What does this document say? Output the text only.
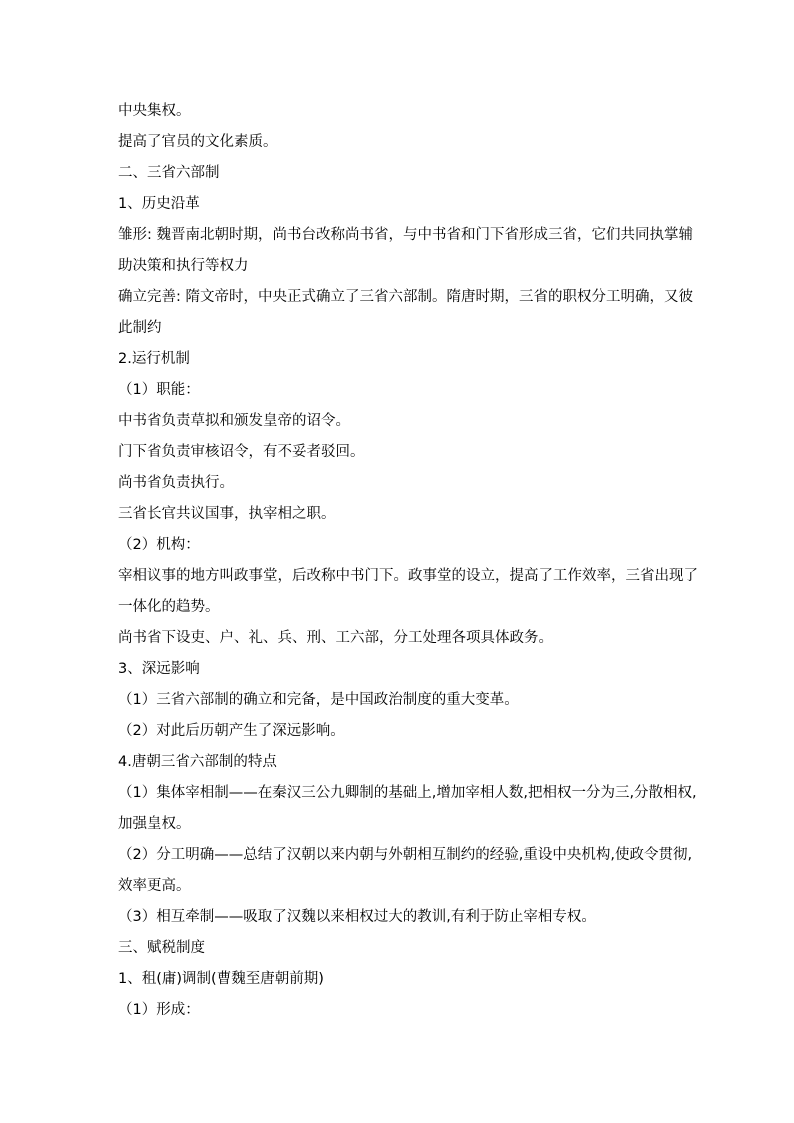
中央集权。

提高了官员的文化素质。

二、三省六部制

1、历史沿革

雏形: 魏晋南北朝时期，尚书台改称尚书省，与中书省和门下省形成三省，它们共同执掌辅

助决策和执行等权力

确立完善: 隋文帝时，中央正式确立了三省六部制。隋唐时期，三省的职权分工明确，又彼

此制约

2.运行机制

（1）职能：

中书省负责草拟和颁发皇帝的诏令。

门下省负责审核诏令，有不妥者驳回。

尚书省负责执行。

三省长官共议国事，执宰相之职。

（2）机构：

宰相议事的地方叫政事堂，后改称中书门下。政事堂的设立，提高了工作效率，三省出现了

一体化的趋势。

尚书省下设吏、户、礼、兵、刑、工六部，分工处理各项具体政务。

3、深远影响

（1）三省六部制的确立和完备，是中国政治制度的重大变革。

（2）对此后历朝产生了深远影响。

4.唐朝三省六部制的特点

（1）集体宰相制——在秦汉三公九卿制的基础上,增加宰相人数,把相权一分为三,分散相权,

加强皇权。

（2）分工明确——总结了汉朝以来内朝与外朝相互制约的经验,重设中央机构,使政令贯彻,

效率更高。

（3）相互牵制——吸取了汉魏以来相权过大的教训,有利于防止宰相专权。

三、赋税制度

1、租(庸)调制(曹魏至唐朝前期)

（1）形成：
